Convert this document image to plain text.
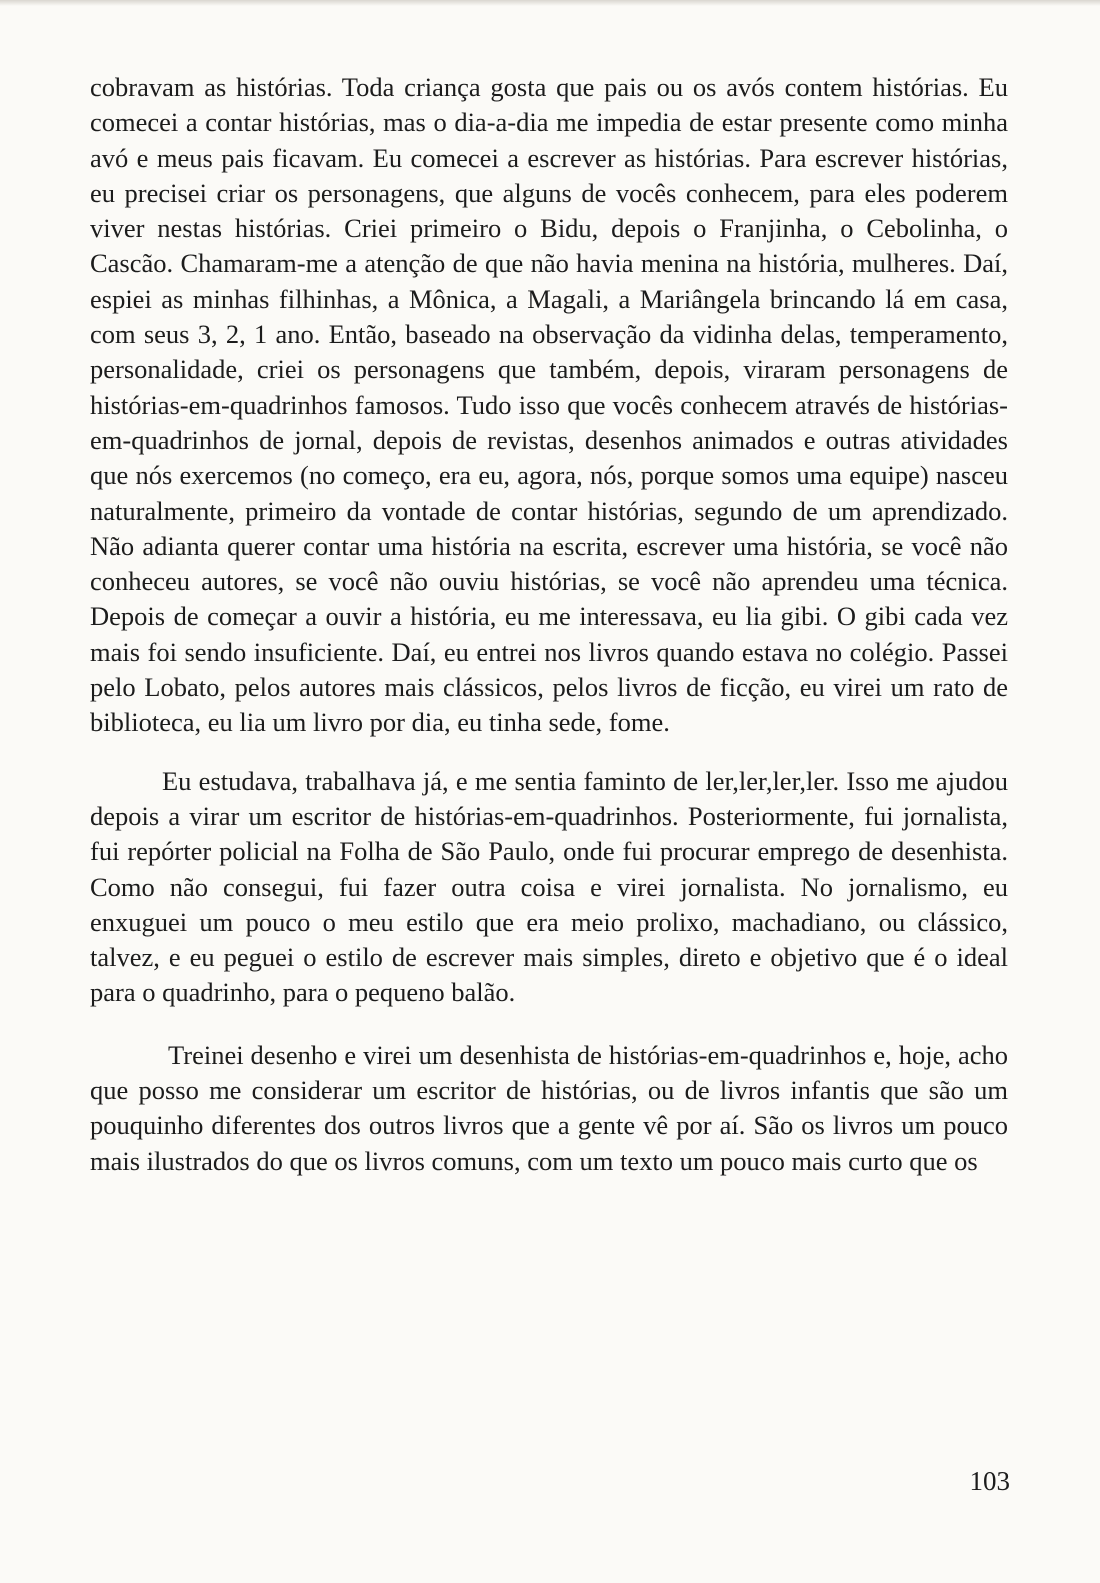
cobravam as histórias. Toda criança gosta que pais ou os avós contem histórias. Eu comecei a contar histórias, mas o dia-a-dia me impedia de estar presente como minha avó e meus pais ficavam. Eu comecei a escrever as histórias. Para escrever histórias, eu precisei criar os personagens, que alguns de vocês conhecem, para eles poderem viver nestas histórias. Criei primeiro o Bidu, depois o Franjinha, o Cebolinha, o Cascão. Chamaram-me a atenção de que não havia menina na história, mulheres. Daí, espiei as minhas filhinhas, a Mônica, a Magali, a Mariângela brincando lá em casa, com seus 3, 2, 1 ano. Então, baseado na observação da vidinha delas, temperamento, personalidade, criei os personagens que também, depois, viraram personagens de histórias-em-quadrinhos famosos. Tudo isso que vocês conhecem através de histórias-em-quadrinhos de jornal, depois de revistas, desenhos animados e outras atividades que nós exercemos (no começo, era eu, agora, nós, porque somos uma equipe) nasceu naturalmente, primeiro da vontade de contar histórias, segundo de um aprendizado. Não adianta querer contar uma história na escrita, escrever uma história, se você não conheceu autores, se você não ouviu histórias, se você não aprendeu uma técnica. Depois de começar a ouvir a história, eu me interessava, eu lia gibi. O gibi cada vez mais foi sendo insuficiente. Daí, eu entrei nos livros quando estava no colégio. Passei pelo Lobato, pelos autores mais clássicos, pelos livros de ficção, eu virei um rato de biblioteca, eu lia um livro por dia, eu tinha sede, fome.

Eu estudava, trabalhava já, e me sentia faminto de ler,ler,ler,ler. Isso me ajudou depois a virar um escritor de histórias-em-quadrinhos. Posteriormente, fui jornalista, fui repórter policial na Folha de São Paulo, onde fui procurar emprego de desenhista. Como não consegui, fui fazer outra coisa e virei jornalista. No jornalismo, eu enxuguei um pouco o meu estilo que era meio prolixo, machadiano, ou clássico, talvez, e eu peguei o estilo de escrever mais simples, direto e objetivo que é o ideal para o quadrinho, para o pequeno balão.

Treinei desenho e virei um desenhista de histórias-em-quadrinhos e, hoje, acho que posso me considerar um escritor de histórias, ou de livros infantis que são um pouquinho diferentes dos outros livros que a gente vê por aí. São os livros um pouco mais ilustrados do que os livros comuns, com um texto um pouco mais curto que os

103
